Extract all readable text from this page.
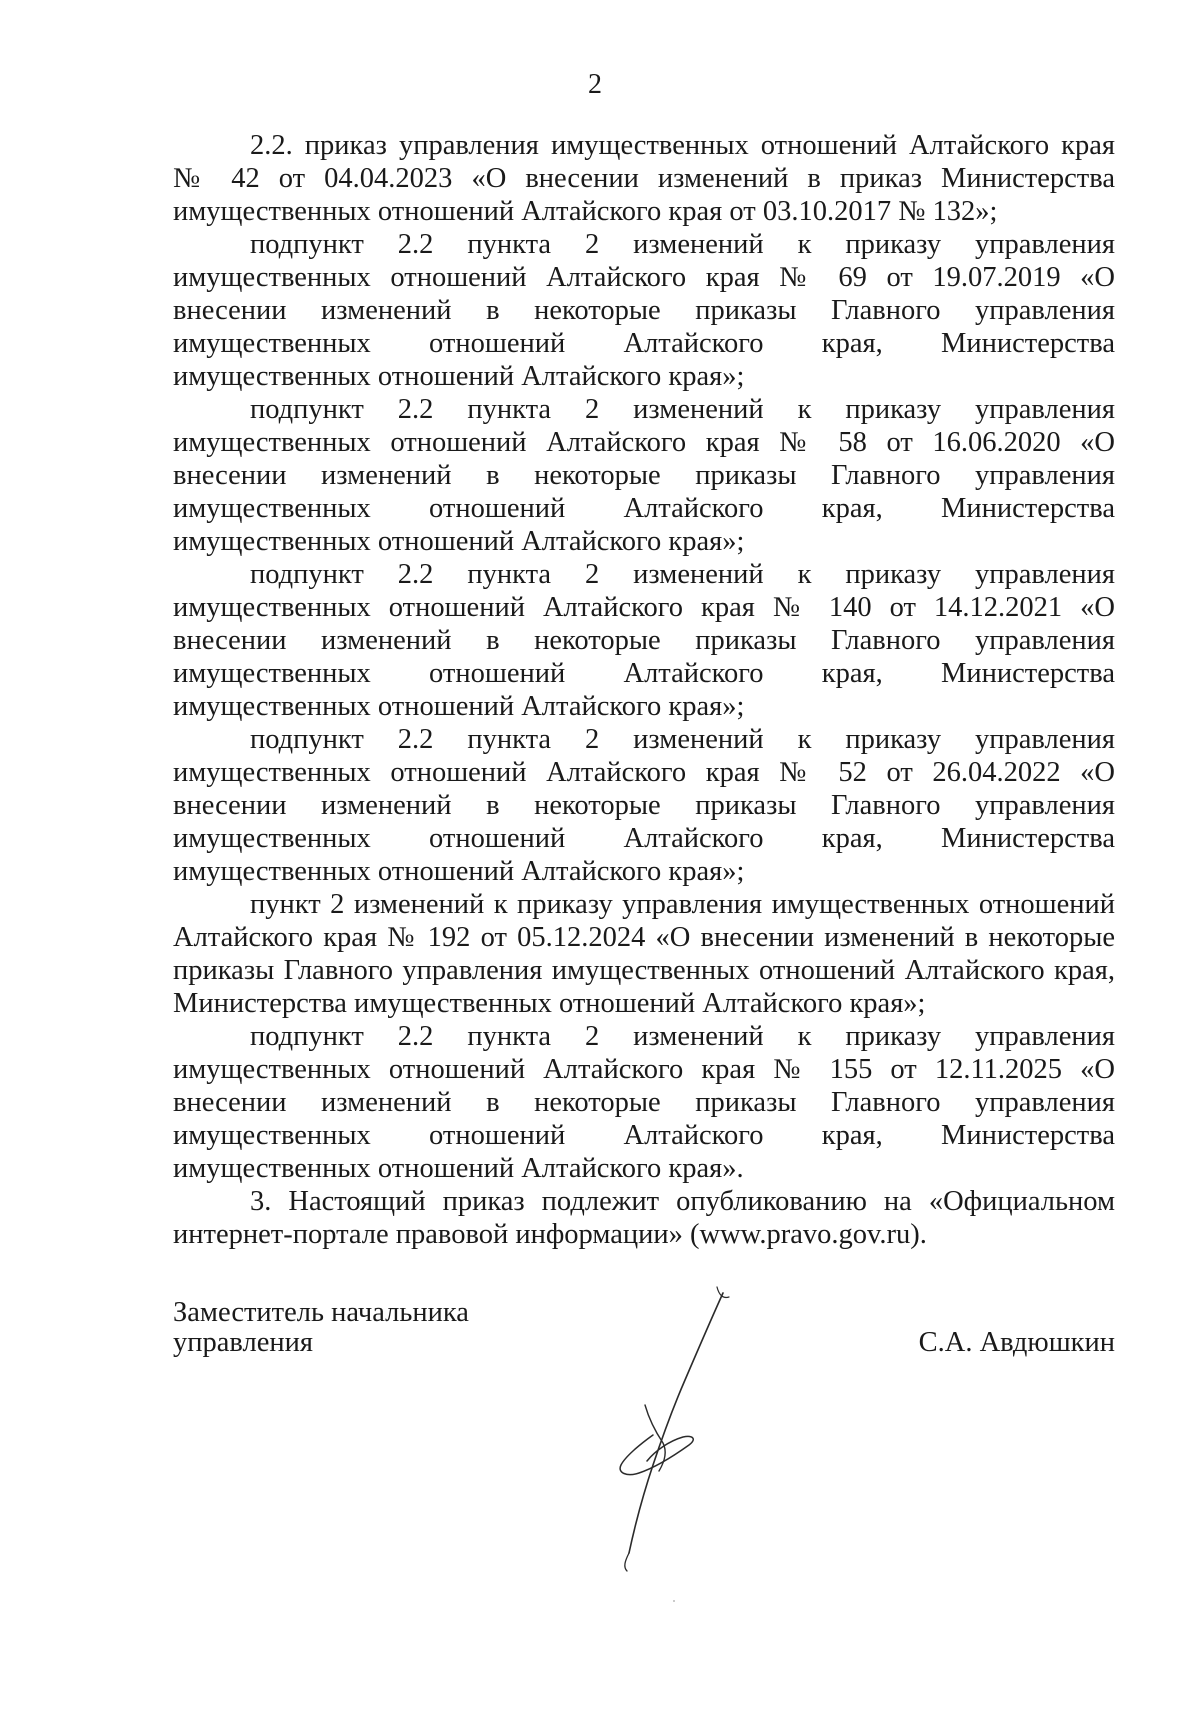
2

2.2. приказ управления имущественных отношений Алтайского края № 42 от 04.04.2023 «О внесении изменений в приказ Министерства имущественных отношений Алтайского края от 03.10.2017 № 132»;

подпункт 2.2 пункта 2 изменений к приказу управления имущественных отношений Алтайского края № 69 от 19.07.2019 «О внесении изменений в некоторые приказы Главного управления имущественных отношений Алтайского края, Министерства имущественных отношений Алтайского края»;

подпункт 2.2 пункта 2 изменений к приказу управления имущественных отношений Алтайского края № 58 от 16.06.2020 «О внесении изменений в некоторые приказы Главного управления имущественных отношений Алтайского края, Министерства имущественных отношений Алтайского края»;

подпункт 2.2 пункта 2 изменений к приказу управления имущественных отношений Алтайского края № 140 от 14.12.2021 «О внесении изменений в некоторые приказы Главного управления имущественных отношений Алтайского края, Министерства имущественных отношений Алтайского края»;

подпункт 2.2 пункта 2 изменений к приказу управления имущественных отношений Алтайского края № 52 от 26.04.2022 «О внесении изменений в некоторые приказы Главного управления имущественных отношений Алтайского края, Министерства имущественных отношений Алтайского края»;

пункт 2 изменений к приказу управления имущественных отношений Алтайского края № 192 от 05.12.2024 «О внесении изменений в некоторые приказы Главного управления имущественных отношений Алтайского края, Министерства имущественных отношений Алтайского края»;

подпункт 2.2 пункта 2 изменений к приказу управления имущественных отношений Алтайского края № 155 от 12.11.2025 «О внесении изменений в некоторые приказы Главного управления имущественных отношений Алтайского края, Министерства имущественных отношений Алтайского края».

3. Настоящий приказ подлежит опубликованию на «Официальном интернет-портале правовой информации» (www.pravo.gov.ru).

Заместитель начальника
управления	С.А. Авдюшкин
